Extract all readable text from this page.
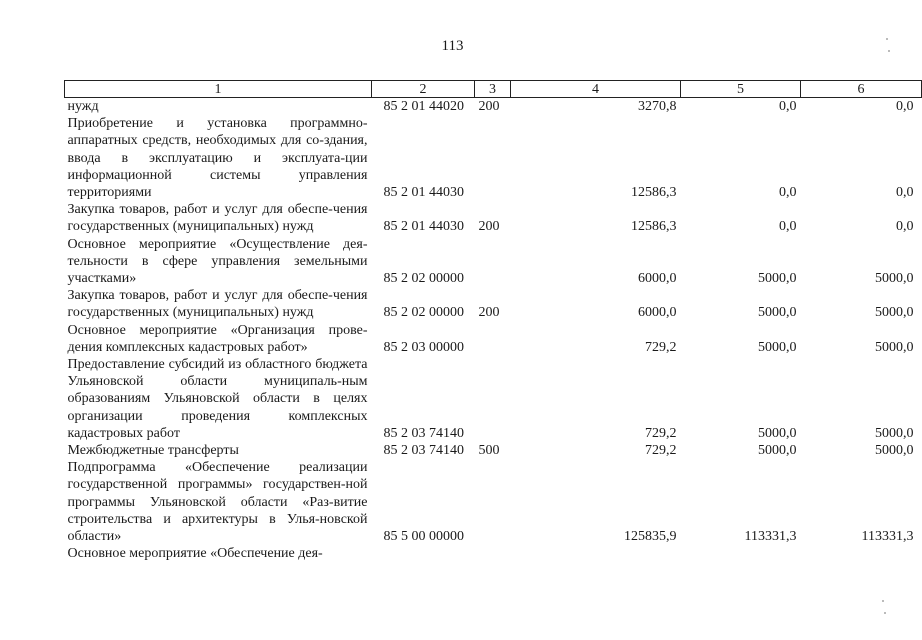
113
1	2	3	4	5	6
нужд	85 2 01 44020	200	3270,8	0,0	0,0
Приобретение и установка программно-аппаратных средств, необходимых для со-здания, ввода в эксплуатацию и эксплуата-ции информационной системы управления территориями	85 2 01 44030		12586,3	0,0	0,0
Закупка товаров, работ и услуг для обеспе-чения государственных (муниципальных) нужд	85 2 01 44030	200	12586,3	0,0	0,0
Основное мероприятие «Осуществление дея-тельности в сфере управления земельными участками»	85 2 02 00000		6000,0	5000,0	5000,0
Закупка товаров, работ и услуг для обеспе-чения государственных (муниципальных) нужд	85 2 02 00000	200	6000,0	5000,0	5000,0
Основное мероприятие «Организация прове-дения комплексных кадастровых работ»	85 2 03 00000		729,2	5000,0	5000,0
Предоставление субсидий из областного бюджета Ульяновской области муниципаль-ным образованиям Ульяновской области в целях организации проведения комплексных кадастровых работ	85 2 03 74140		729,2	5000,0	5000,0
Межбюджетные трансферты	85 2 03 74140	500	729,2	5000,0	5000,0
Подпрограмма «Обеспечение реализации государственной программы» государствен-ной программы Ульяновской области «Раз-витие строительства и архитектуры в Улья-новской области»	85 5 00 00000		125835,9	113331,3	113331,3
Основное мероприятие «Обеспечение дея-					
